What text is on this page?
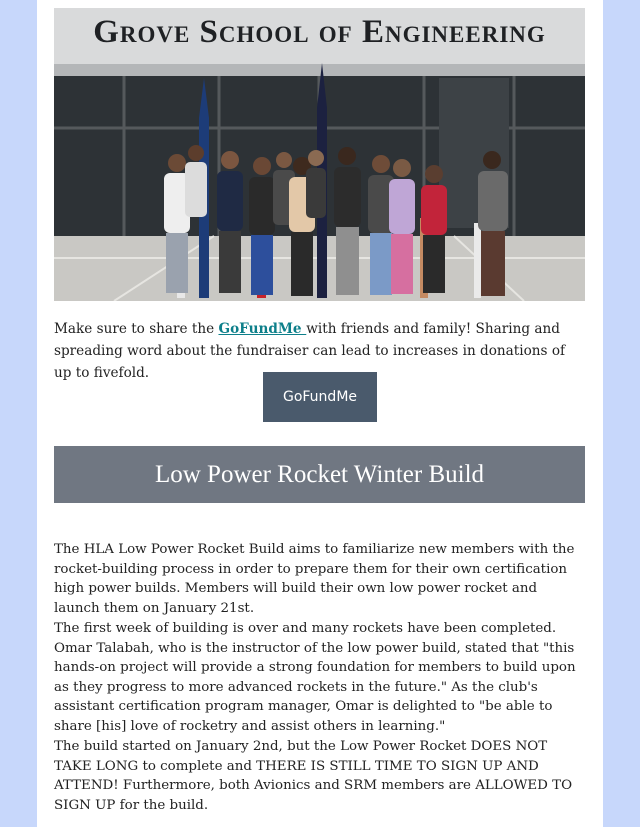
Grove School of Engineering

Make sure to share the GoFundMe with friends and family! Sharing and spreading word about the fundraiser can lead to increases in donations of up to fivefold.

GoFundMe
Low Power Rocket Winter Build

The HLA Low Power Rocket Build aims to familiarize new members with the rocket-building process in order to prepare them for their own certification high power builds. Members will build their own low power rocket and launch them on January 21st.

The first week of building is over and many rockets have been completed. Omar Talabah, who is the instructor of the low power build, stated that "this hands-on project will provide a strong foundation for members to build upon as they progress to more advanced rockets in the future." As the club's assistant certification program manager, Omar is delighted to "be able to share [his] love of rocketry and assist others in learning."

The build started on January 2nd, but the Low Power Rocket DOES NOT TAKE LONG to complete and THERE IS STILL TIME TO SIGN UP AND ATTEND! Furthermore, both Avionics and SRM members are ALLOWED TO SIGN UP for the build.
